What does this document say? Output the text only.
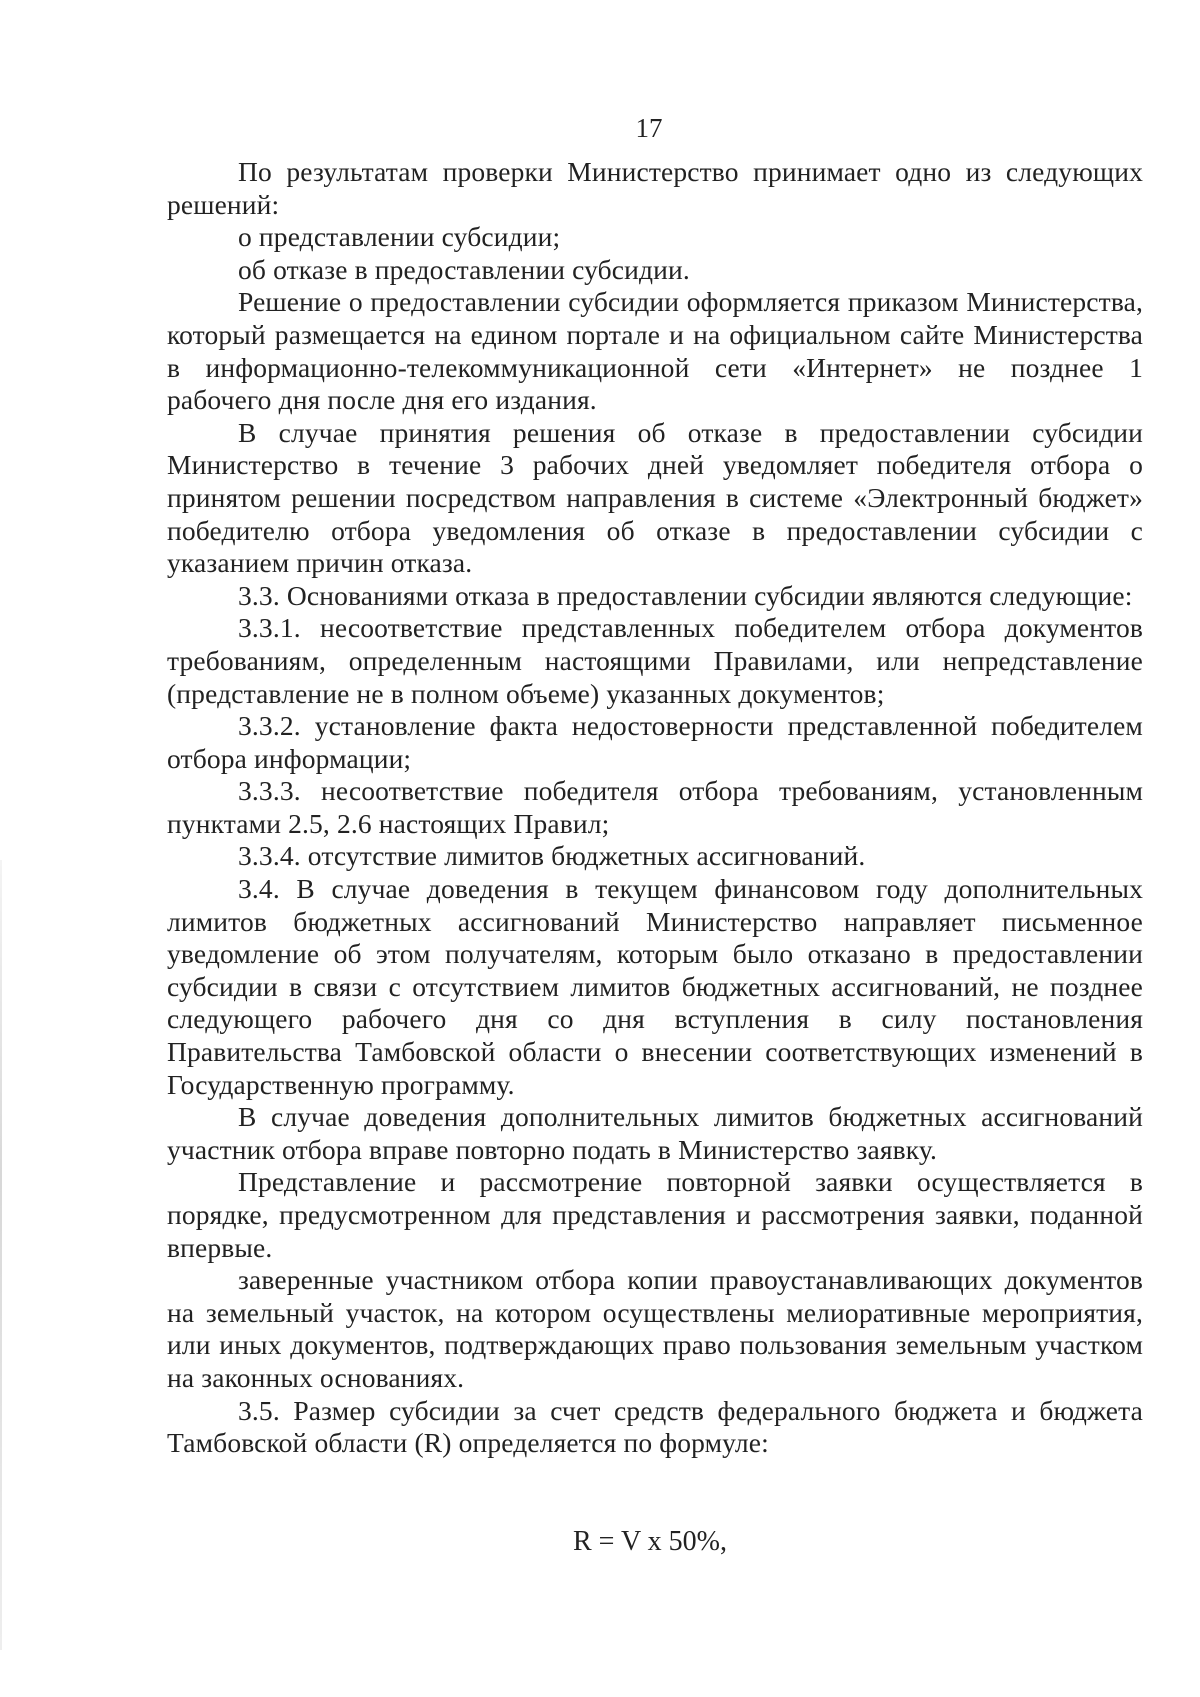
17

По результатам проверки Министерство принимает одно из следующих решений:

о представлении субсидии;

об отказе в предоставлении субсидии.

Решение о предоставлении субсидии оформляется приказом Министерства, который размещается на едином портале и на официальном сайте Министерства в информационно-телекоммуникационной сети «Интернет» не позднее 1 рабочего дня после дня его издания.

В случае принятия решения об отказе в предоставлении субсидии Министерство в течение 3 рабочих дней уведомляет победителя отбора о принятом решении посредством направления в системе «Электронный бюджет» победителю отбора уведомления об отказе в предоставлении субсидии с указанием причин отказа.

3.3. Основаниями отказа в предоставлении субсидии являются следующие:

3.3.1. несоответствие представленных победителем отбора документов требованиям, определенным настоящими Правилами, или непредставление (представление не в полном объеме) указанных документов;

3.3.2. установление факта недостоверности представленной победителем отбора информации;

3.3.3. несоответствие победителя отбора требованиям, установленным пунктами 2.5, 2.6 настоящих Правил;

3.3.4. отсутствие лимитов бюджетных ассигнований.

3.4. В случае доведения в текущем финансовом году дополнительных лимитов бюджетных ассигнований Министерство направляет письменное уведомление об этом получателям, которым было отказано в предоставлении субсидии в связи с отсутствием лимитов бюджетных ассигнований, не позднее следующего рабочего дня со дня вступления в силу постановления Правительства Тамбовской области о внесении соответствующих изменений в Государственную программу.

В случае доведения дополнительных лимитов бюджетных ассигнований участник отбора вправе повторно подать в Министерство заявку.

Представление и рассмотрение повторной заявки осуществляется в порядке, предусмотренном для представления и рассмотрения заявки, поданной впервые.

заверенные участником отбора копии правоустанавливающих документов на земельный участок, на котором осуществлены мелиоративные мероприятия, или иных документов, подтверждающих право пользования земельным участком на законных основаниях.

3.5. Размер субсидии за счет средств федерального бюджета и бюджета Тамбовской области (R) определяется по формуле:

R = V x 50%,
